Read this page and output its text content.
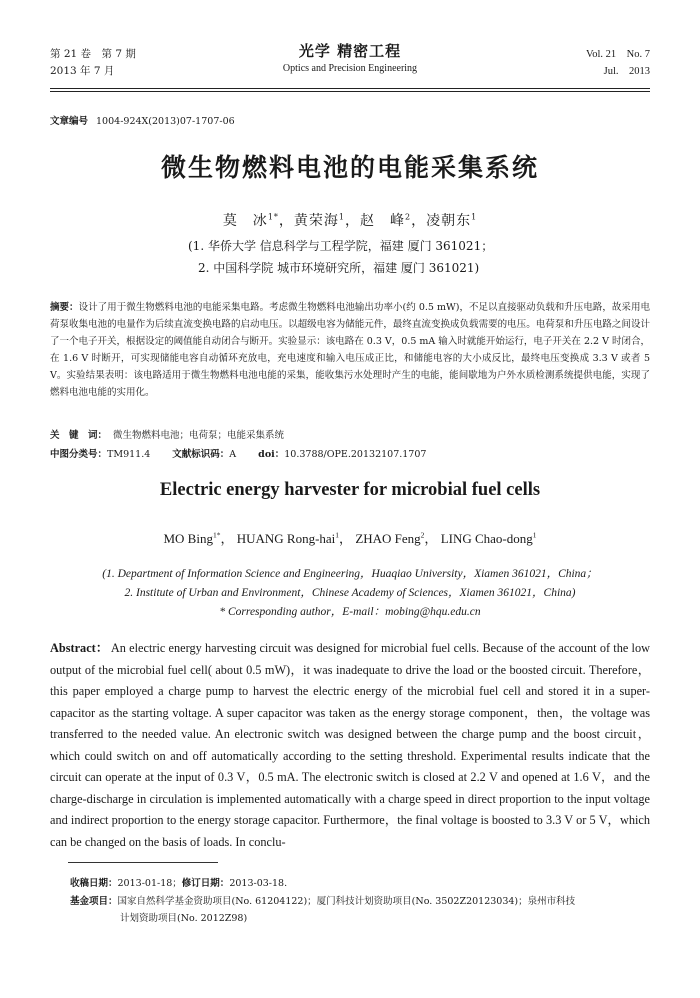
第 21 卷　第 7 期
2013 年 7 月
光学 精密工程
Optics and Precision Engineering
Vol. 21　No. 7
Jul.　2013
文章编号 1004-924X(2013)07-1707-06
微生物燃料电池的电能采集系统
莫　冰$^{1*}$，黄荣海$^1$，赵　峰$^2$，凌朝东$^1$
(1. 华侨大学 信息科学与工程学院，福建 厦门 361021；
2. 中国科学院 城市环境研究所，福建 厦门 361021)
摘要：设计了用于微生物燃料电池的电能采集电路。考虑微生物燃料电池输出功率小(约 0.5 mW)，不足以直接驱动负载和升压电路，故采用电荷泵收集电池的电量作为后续直流变换电路的启动电压。以超级电容为储能元件，最终直流变换成负载需要的电压。电荷泵和升压电路之间设计了一个电子开关，根据设定的阈值能自动闭合与断开。实验显示：该电路在 0.3 V，0.5 mA 输入时就能开始运行，电子开关在 2.2 V 时闭合，在 1.6 V 时断开，可实现储能电容自动循环充放电，充电速度和输入电压成正比，和储能电容的大小成反比，最终电压变换成 3.3 V 或者 5 V。实验结果表明：该电路适用于微生物燃料电池电能的采集，能收集污水处理时产生的电能，能间歇地为户外水质检测系统提供电能，实现了燃料电池电能的实用化。
关　键　词： 微生物燃料电池；电荷泵；电能采集系统
中图分类号：TM911.4 文献标识码：A doi：10.3788/OPE.20132107.1707
Electric energy harvester for microbial fuel cells
MO Bing$^{1*}$， HUANG Rong-hai$^1$， ZHAO Feng$^2$， LING Chao-dong$^1$
(1. Department of Information Science and Engineering，Huaqiao University，Xiamen 361021，China；
2. Institute of Urban and Environment，Chinese Academy of Sciences，Xiamen 361021，China)
* Corresponding author，E-mail：mobing@hqu.edu.cn
Abstract： An electric energy harvesting circuit was designed for microbial fuel cells. Because of the account of the low output of the microbial fuel cell( about 0.5 mW)，it was inadequate to drive the load or the boosted circuit. Therefore，this paper employed a charge pump to harvest the electric energy of the microbial fuel cell and stored it in a super-capacitor as the starting voltage. A super capacitor was taken as the energy storage component，then，the voltage was transferred to the needed value. An electronic switch was designed between the charge pump and the boost circuit，which could switch on and off automatically according to the setting threshold. Experimental results indicate that the circuit can operate at the input of 0.3 V，0.5 mA. The electronic switch is closed at 2.2 V and opened at 1.6 V，and the charge-discharge in circulation is implemented automatically with a charge speed in direct proportion to the input voltage and indirect proportion to the energy storage capacitor. Furthermore，the final voltage is boosted to 3.3 V or 5 V，which can be changed on the basis of loads. In conclu-
收稿日期：2013-01-18；修订日期：2013-03-18.
基金项目：国家自然科学基金资助项目(No. 61204122)；厦门科技计划资助项目(No. 3502Z20123034)；泉州市科技
计划资助项目(No. 2012Z98)
